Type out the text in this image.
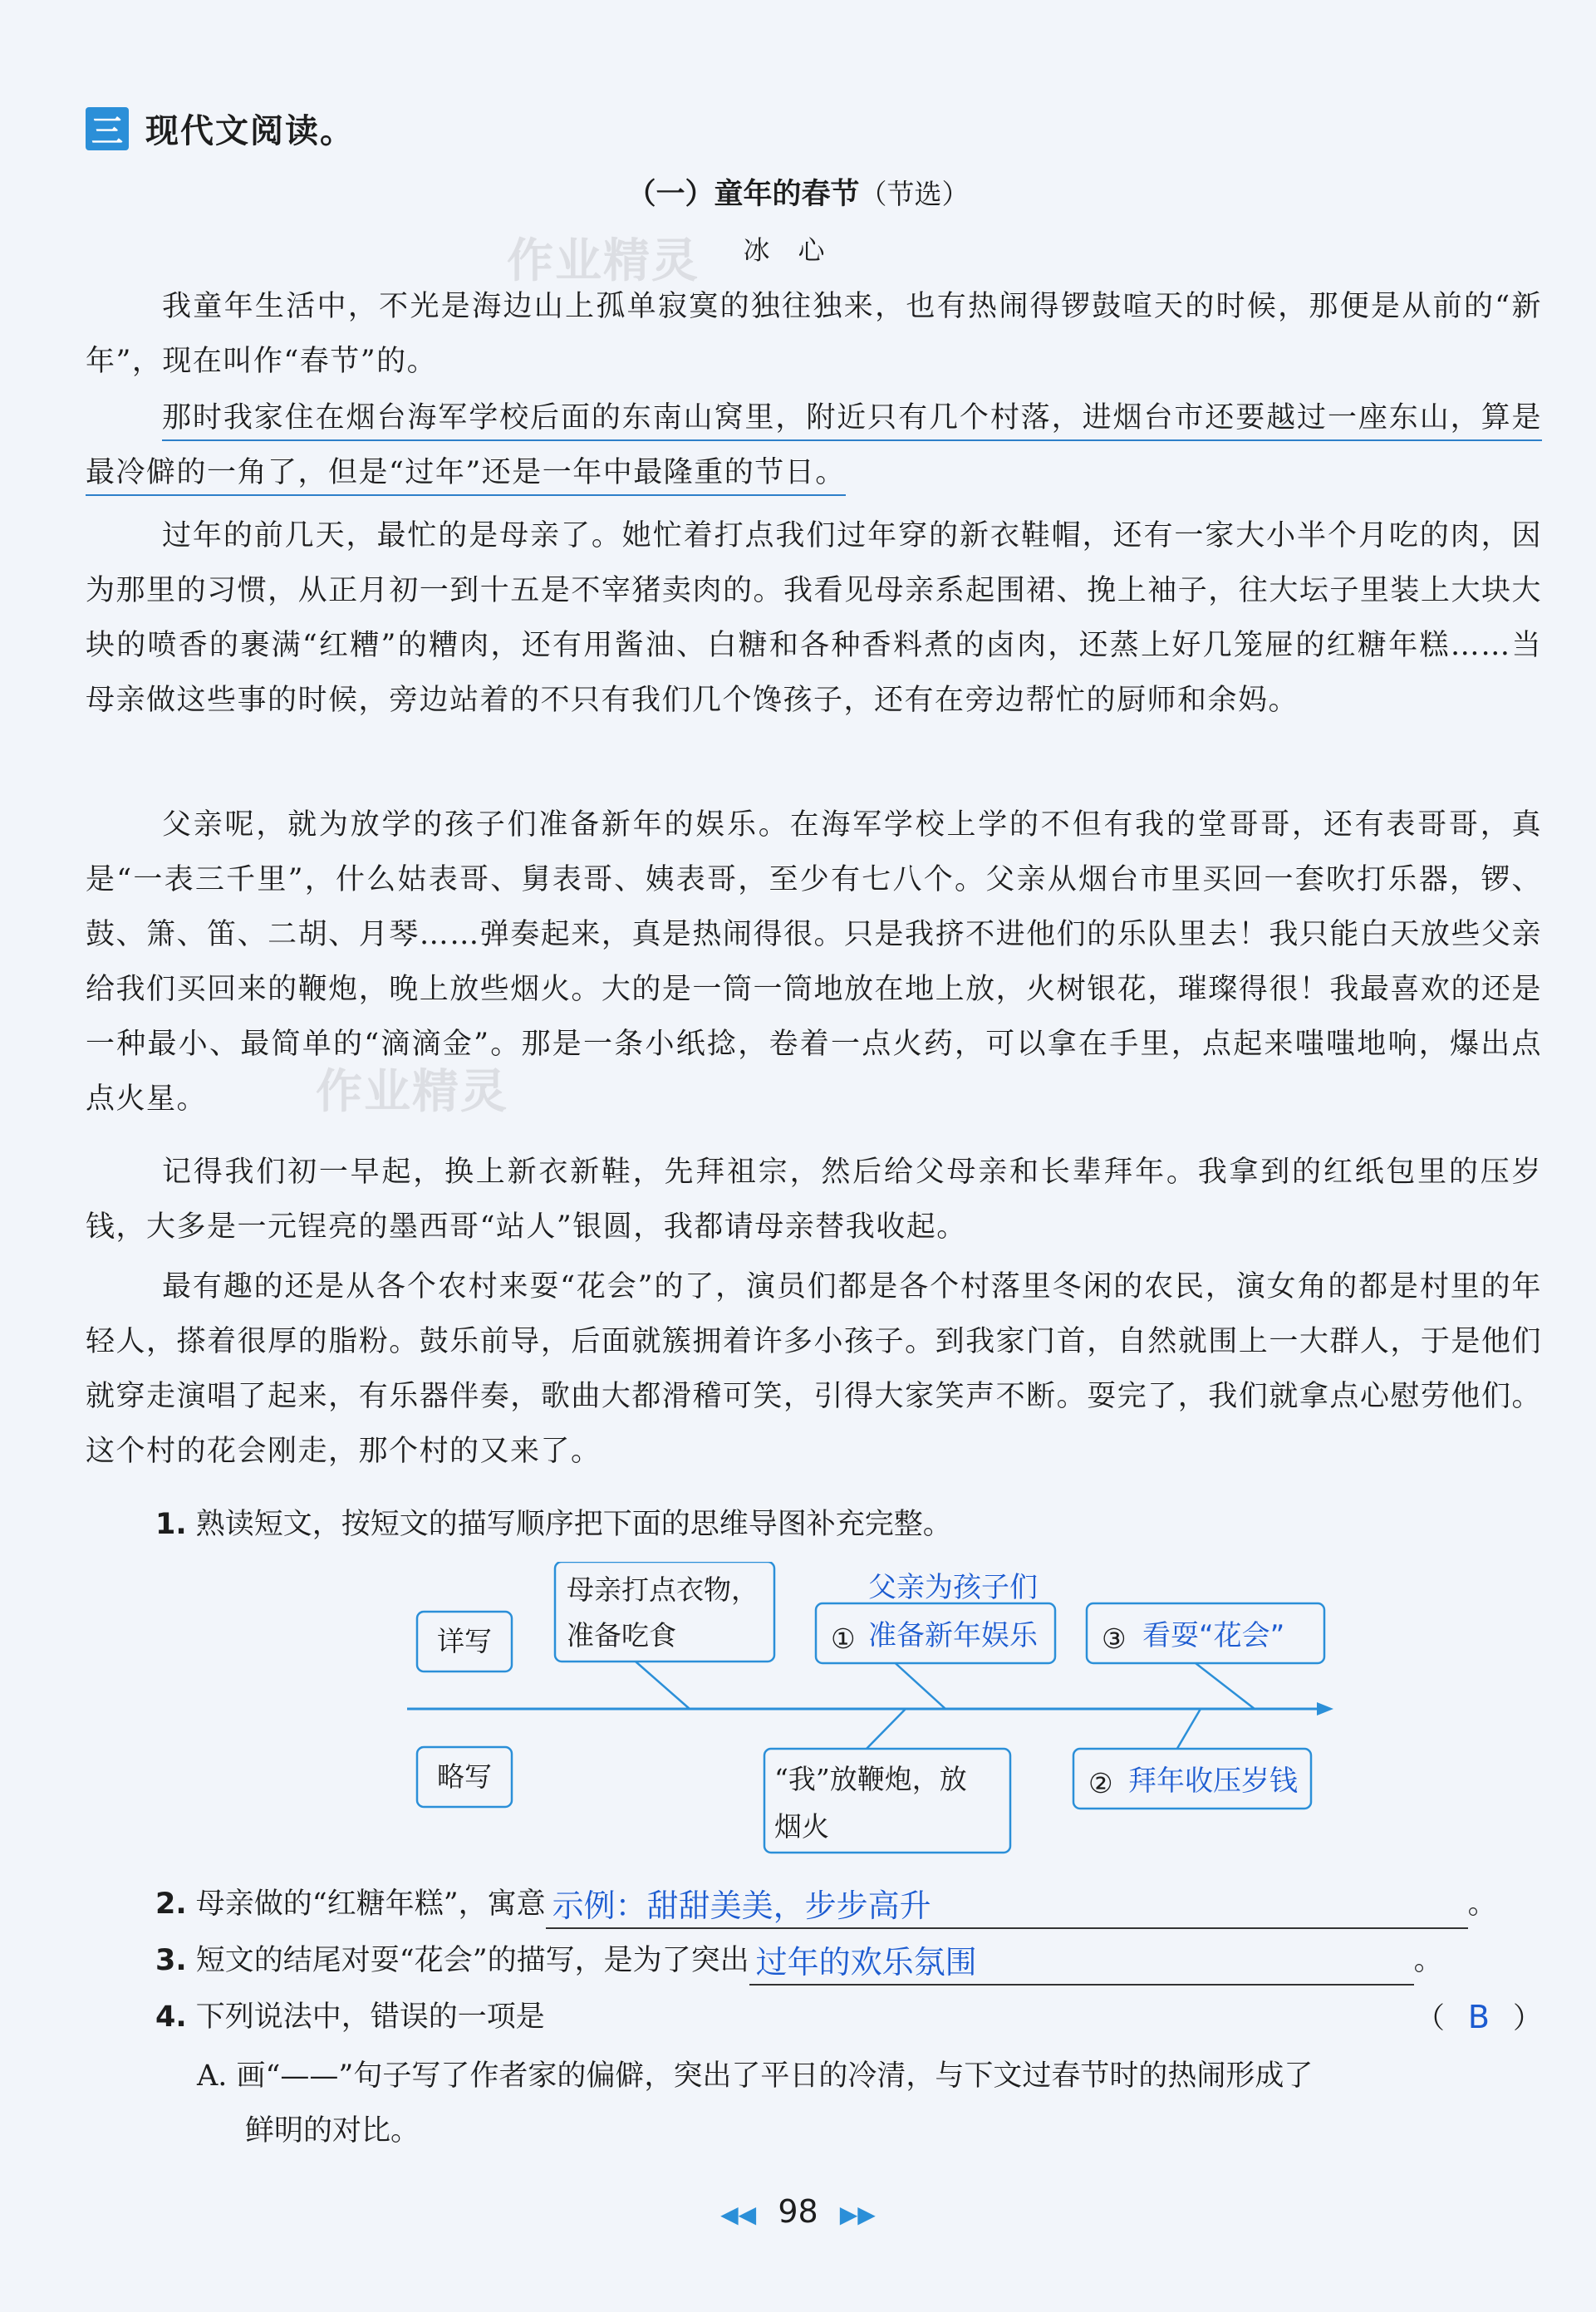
三 现代文阅读。
（一）童年的春节（节选）
冰心
作业精灵
作业精灵

我童年生活中，不光是海边山上孤单寂寞的独往独来，也有热闹得锣鼓喧天的时候，那便是从前的“新年”，现在叫作“春节”的。

那时我家住在烟台海军学校后面的东南山窝里，附近只有几个村落，进烟台市还要越过一座东山，算是最冷僻的一角了，但是“过年”还是一年中最隆重的节日。

过年的前几天，最忙的是母亲了。她忙着打点我们过年穿的新衣鞋帽，还有一家大小半个月吃的肉，因为那里的习惯，从正月初一到十五是不宰猪卖肉的。我看见母亲系起围裙、挽上袖子，往大坛子里装上大块大块的喷香的裹满“红糟”的糟肉，还有用酱油、白糖和各种香料煮的卤肉，还蒸上好几笼屉的红糖年糕……当母亲做这些事的时候，旁边站着的不只有我们几个馋孩子，还有在旁边帮忙的厨师和余妈。

父亲呢，就为放学的孩子们准备新年的娱乐。在海军学校上学的不但有我的堂哥哥，还有表哥哥，真是“一表三千里”，什么姑表哥、舅表哥、姨表哥，至少有七八个。父亲从烟台市里买回一套吹打乐器，锣、鼓、箫、笛、二胡、月琴……弹奏起来，真是热闹得很。只是我挤不进他们的乐队里去！我只能白天放些父亲给我们买回来的鞭炮，晚上放些烟火。大的是一筒一筒地放在地上放，火树银花，璀璨得很！我最喜欢的还是一种最小、最简单的“滴滴金”。那是一条小纸捻，卷着一点火药，可以拿在手里，点起来嗤嗤地响，爆出点点火星。

记得我们初一早起，换上新衣新鞋，先拜祖宗，然后给父母亲和长辈拜年。我拿到的红纸包里的压岁钱，大多是一元锃亮的墨西哥“站人”银圆，我都请母亲替我收起。

最有趣的还是从各个农村来耍“花会”的了，演员们都是各个村落里冬闲的农民，演女角的都是村里的年轻人，搽着很厚的脂粉。鼓乐前导，后面就簇拥着许多小孩子。到我家门首，自然就围上一大群人，于是他们就穿走演唱了起来，有乐器伴奏，歌曲大都滑稽可笑，引得大家笑声不断。耍完了，我们就拿点心慰劳他们。这个村的花会刚走，那个村的又来了。

1. 熟读短文，按短文的描写顺序把下面的思维导图补充完整。
详写
略写
母亲打点衣物，
准备吃食	①
父亲为孩子们
准备新年娱乐 ③ 看耍“花会”
“我”放鞭炮，放
烟火
② 拜年收压岁钱
2. 母亲做的“红糖年糕”，寓意 示例：甜甜美美，步步高升	。
3. 短文的结尾对耍“花会”的描写，是为了突出 过年的欢乐氛围	。
4. 下列说法中，错误的一项是	（ B ）
A. 画“——”句子写了作者家的偏僻，突出了平日的冷清，与下文过春节时的热闹形成了
鲜明的对比。
◀◀ 98 ▶▶
